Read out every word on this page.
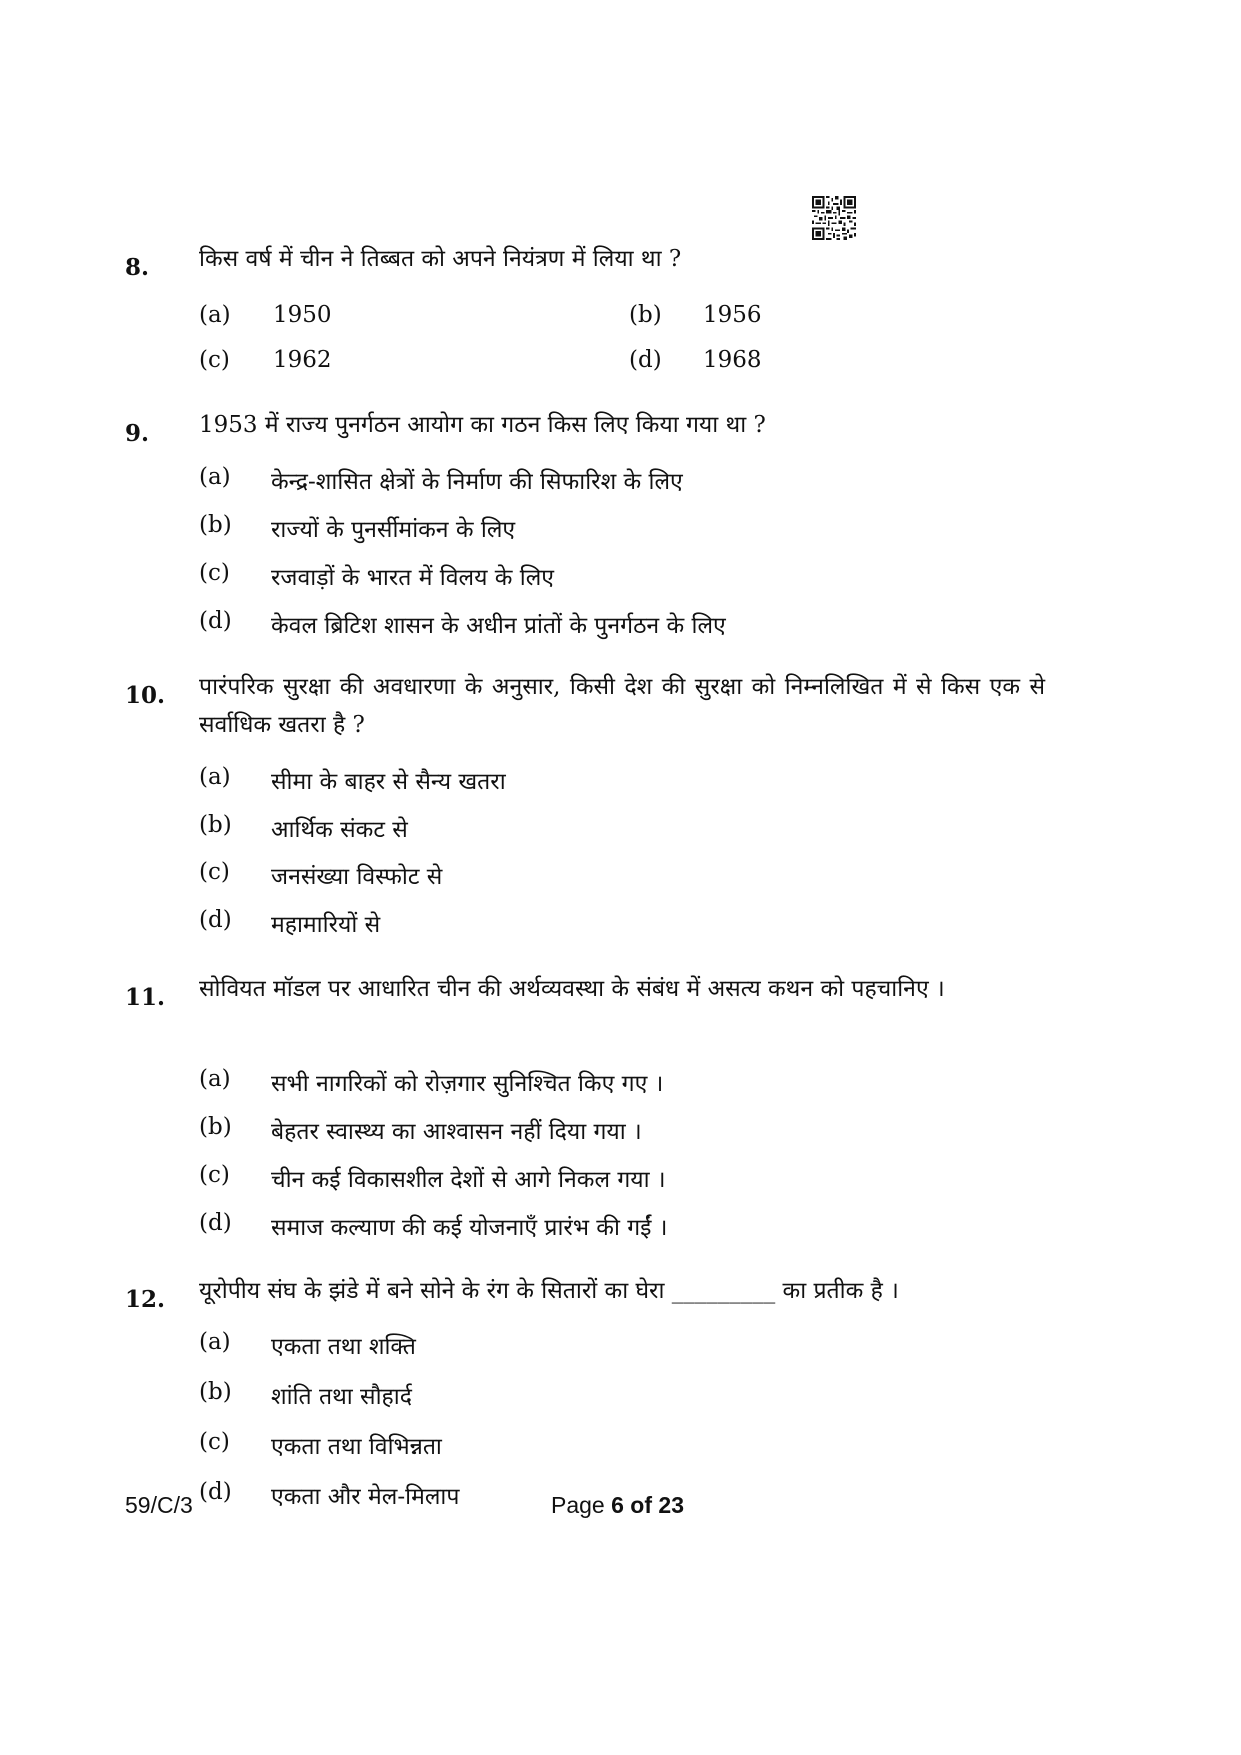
8. किस वर्ष में चीन ने तिब्बत को अपने नियंत्रण में लिया था ?
(a) 1950	(b) 1956
(c) 1962	(d) 1968
9. 1953 में राज्य पुनर्गठन आयोग का गठन किस लिए किया गया था ?
(a) केन्द्र-शासित क्षेत्रों के निर्माण की सिफारिश के लिए
(b) राज्यों के पुनर्सीमांकन के लिए
(c) रजवाड़ों के भारत में विलय के लिए
(d) केवल ब्रिटिश शासन के अधीन प्रांतों के पुनर्गठन के लिए
10. पारंपरिक सुरक्षा की अवधारणा के अनुसार, किसी देश की सुरक्षा को निम्नलिखित में से किस एक से सर्वाधिक खतरा है ?
(a) सीमा के बाहर से सैन्य खतरा
(b) आर्थिक संकट से
(c) जनसंख्या विस्फोट से
(d) महामारियों से
11. सोवियत मॉडल पर आधारित चीन की अर्थव्यवस्था के संबंध में असत्य कथन को पहचानिए ।
(a) सभी नागरिकों को रोज़गार सुनिश्चित किए गए ।
(b) बेहतर स्वास्थ्य का आश्वासन नहीं दिया गया ।
(c) चीन कई विकासशील देशों से आगे निकल गया ।
(d) समाज कल्याण की कई योजनाएँ प्रारंभ की गईं ।
12. यूरोपीय संघ के झंडे में बने सोने के रंग के सितारों का घेरा _________ का प्रतीक है ।
(a) एकता तथा शक्ति
(b) शांति तथा सौहार्द
(c) एकता तथा विभिन्नता
(d) एकता और मेल-मिलाप
59/C/3	Page 6 of 23
